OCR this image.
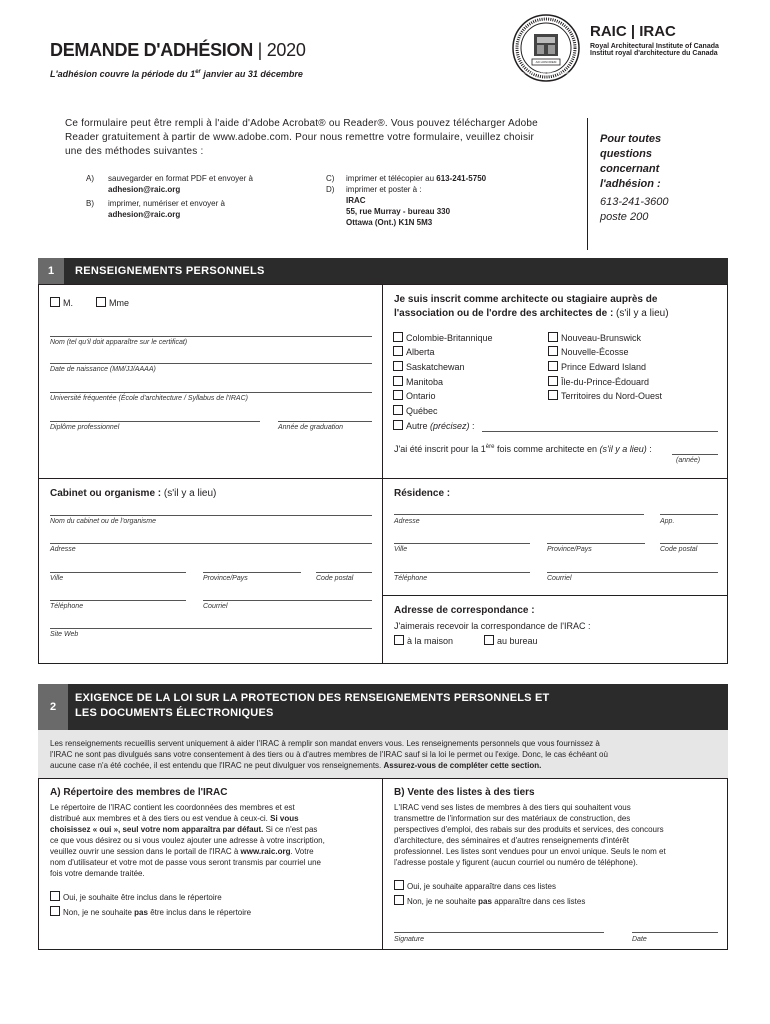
DEMANDE D'ADHÉSION | 2020
L'adhésion couvre la période du 1er janvier au 31 décembre
AD HONOREM
ROYAL ARCHITECTURAL INSTITUTE OF CANADA
RAIC | IRAC
Royal Architectural Institute of Canada
Institut royal d'architecture du Canada
Ce formulaire peut être rempli à l'aide d'Adobe Acrobat® ou Reader®. Vous pouvez télécharger Adobe
Reader gratuitement à partir de www.adobe.com. Pour nous remettre votre formulaire, veuillez choisir
une des méthodes suivantes :
A) sauvegarder en format PDF et envoyer à
adhesion@raic.org
B) imprimer, numériser et envoyer à
adhesion@raic.org
C) imprimer et télécopier au 613-241-5750
D) imprimer et poster à :
IRAC
55, rue Murray - bureau 330
Ottawa (Ont.) K1N 5M3
Pour toutes
questions
concernant
l'adhésion :
613-241-3600
poste 200
1	RENSEIGNEMENTS PERSONNELS
M.	Mme
Nom (tel qu'il doit apparaître sur le certificat)
Date de naissance (MM/JJ/AAAA)
Université fréquentée (École d'architecture / Syllabus de l'IRAC)
Diplôme professionnel	Année de graduation
Je suis inscrit comme architecte ou stagiaire auprès de
l'association ou de l'ordre des architectes de : (s'il y a lieu)
Colombie-Britannique
Alberta
Saskatchewan
Manitoba
Ontario
Québec
Nouveau-Brunswick
Nouvelle-Écosse
Prince Edward Island
Île-du-Prince-Édouard
Territoires du Nord-Ouest
Autre (précisez) :
J'ai été inscrit pour la 1ère fois comme architecte en (s'il y a lieu) :
(année)
Cabinet ou organisme : (s'il y a lieu)
Nom du cabinet ou de l'organisme
Adresse
Ville	Province/Pays	Code postal
Téléphone	Courriel
Site Web
Résidence :
Adresse	App.
Ville	Province/Pays	Code postal
Téléphone	Courriel
Adresse de correspondance :
J'aimerais recevoir la correspondance de l'IRAC :
à la maison	au bureau
2
EXIGENCE DE LA LOI SUR LA PROTECTION DES RENSEIGNEMENTS PERSONNELS ET
LES DOCUMENTS ÉLECTRONIQUES
Les renseignements recueillis servent uniquement à aider l'IRAC à remplir son mandat envers vous. Les renseignements personnels que vous fournissez à
l'IRAC ne sont pas divulgués sans votre consentement à des tiers ou à d'autres membres de l'IRAC sauf si la loi le permet ou l'exige. Donc, le cas échéant où
aucune case n'a été cochée, il est entendu que l'IRAC ne peut divulguer vos renseignements. Assurez-vous de compléter cette section.
A) Répertoire des membres de l'IRAC
Le répertoire de l'IRAC contient les coordonnées des membres et est
distribué aux membres et à des tiers ou est vendue à ceux-ci. Si vous
choisissez « oui », seul votre nom apparaîtra par défaut. Si ce n'est pas
ce que vous désirez ou si vous voulez ajouter une adresse à votre inscription,
veuillez ouvrir une session dans le portail de l'IRAC à www.raic.org. Votre
nom d'utilisateur et votre mot de passe vous seront transmis par courriel une
fois votre demande traitée.
Oui, je souhaite être inclus dans le répertoire
Non, je ne souhaite pas être inclus dans le répertoire
B) Vente des listes à des tiers
L'IRAC vend ses listes de membres à des tiers qui souhaitent vous
transmettre de l'information sur des matériaux de construction, des
perspectives d'emploi, des rabais sur des produits et services, des concours
d'architecture, des séminaires et d'autres renseignements d'intérêt
professionnel. Les listes sont vendues pour un envoi unique. Seuls le nom et
l'adresse postale y figurent (aucun courriel ou numéro de téléphone).
Oui, je souhaite apparaître dans ces listes
Non, je ne souhaite pas apparaître dans ces listes
Signature	Date
